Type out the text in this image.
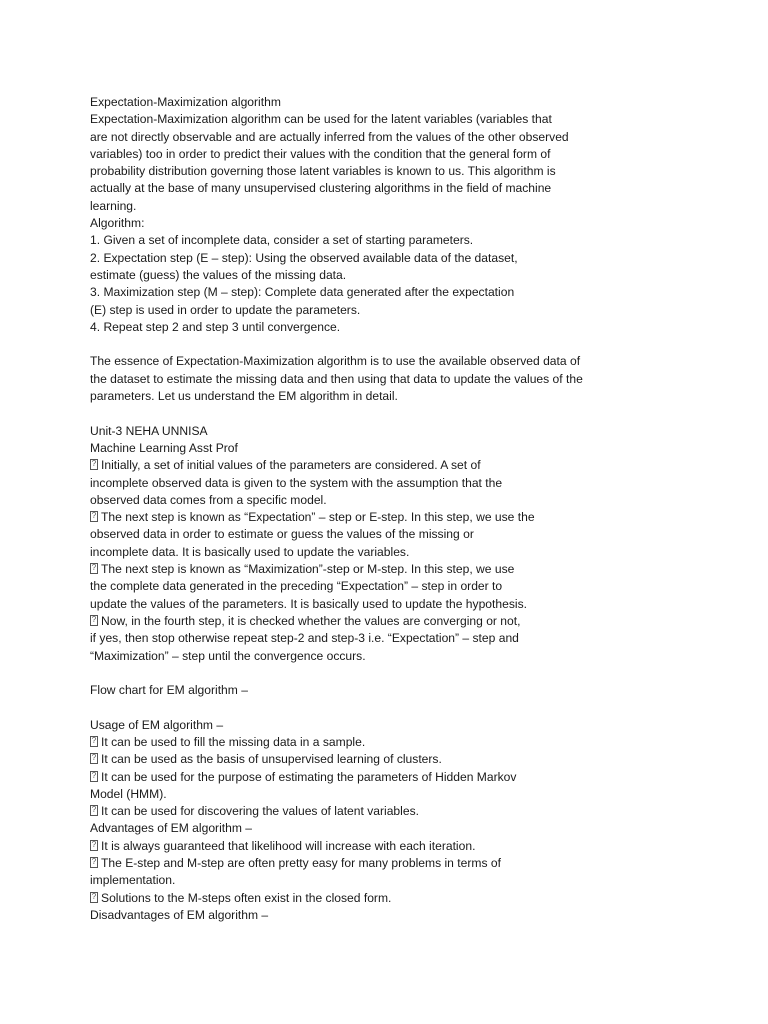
Expectation-Maximization algorithm
Expectation-Maximization algorithm can be used for the latent variables (variables that
are not directly observable and are actually inferred from the values of the other observed
variables) too in order to predict their values with the condition that the general form of
probability distribution governing those latent variables is known to us. This algorithm is
actually at the base of many unsupervised clustering algorithms in the field of machine
learning.
Algorithm:
1. Given a set of incomplete data, consider a set of starting parameters.
2. Expectation step (E – step): Using the observed available data of the dataset,
estimate (guess) the values of the missing data.
3. Maximization step (M – step): Complete data generated after the expectation
(E) step is used in order to update the parameters.
4. Repeat step 2 and step 3 until convergence.
The essence of Expectation-Maximization algorithm is to use the available observed data of
the dataset to estimate the missing data and then using that data to update the values of the
parameters. Let us understand the EM algorithm in detail.
Unit-3 NEHA UNNISA
Machine Learning Asst Prof
?Initially, a set of initial values of the parameters are considered. A set of
incomplete observed data is given to the system with the assumption that the
observed data comes from a specific model.
?The next step is known as “Expectation” – step or E-step. In this step, we use the
observed data in order to estimate or guess the values of the missing or
incomplete data. It is basically used to update the variables.
?The next step is known as “Maximization”-step or M-step. In this step, we use
the complete data generated in the preceding “Expectation” – step in order to
update the values of the parameters. It is basically used to update the hypothesis.
?Now, in the fourth step, it is checked whether the values are converging or not,
if yes, then stop otherwise repeat step-2 and step-3 i.e. “Expectation” – step and
“Maximization” – step until the convergence occurs.
Flow chart for EM algorithm –
Usage of EM algorithm –
?It can be used to fill the missing data in a sample.
?It can be used as the basis of unsupervised learning of clusters.
?It can be used for the purpose of estimating the parameters of Hidden Markov
Model (HMM).
?It can be used for discovering the values of latent variables.
Advantages of EM algorithm –
?It is always guaranteed that likelihood will increase with each iteration.
?The E-step and M-step are often pretty easy for many problems in terms of
implementation.
?Solutions to the M-steps often exist in the closed form.
Disadvantages of EM algorithm –
